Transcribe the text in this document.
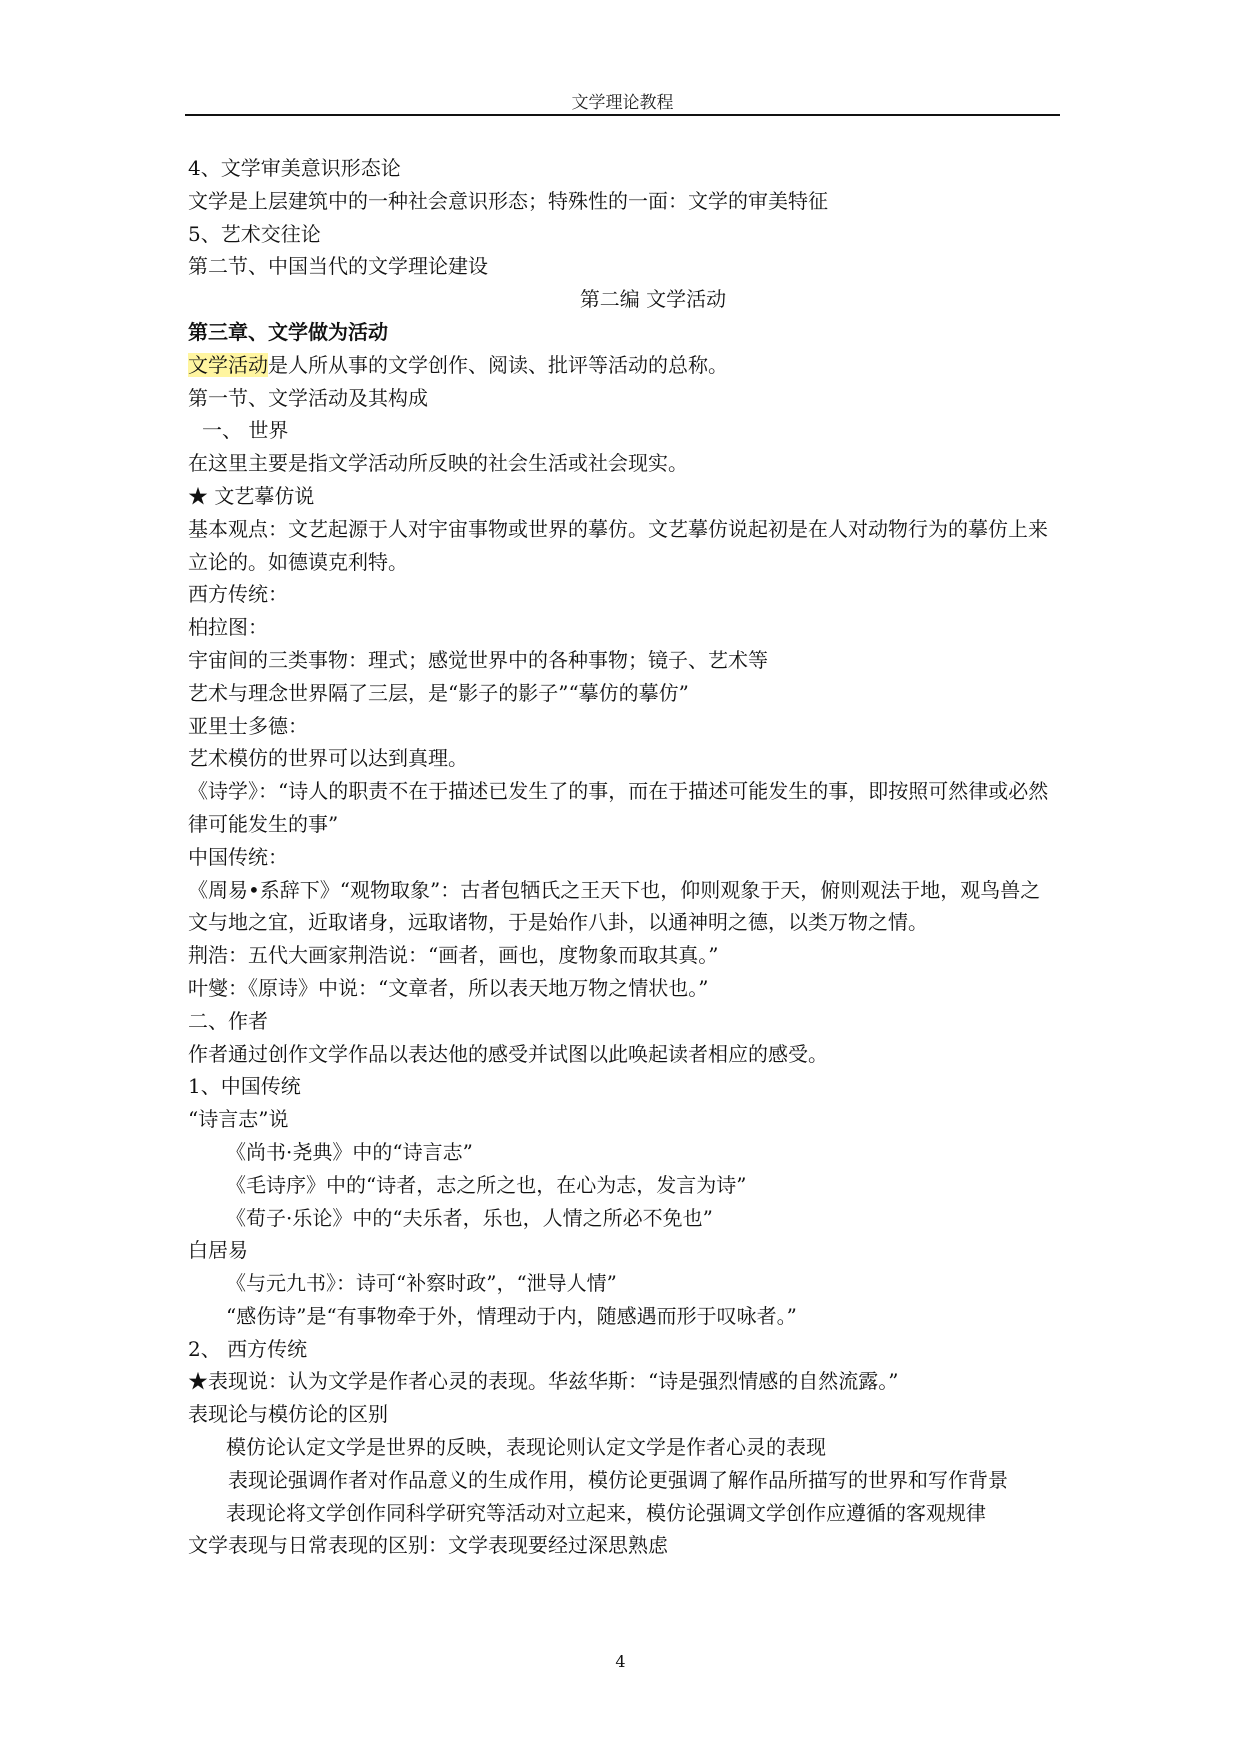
文学理论教程

4、文学审美意识形态论

文学是上层建筑中的一种社会意识形态；特殊性的一面：文学的审美特征

5、艺术交往论

第二节、中国当代的文学理论建设

第二编 文学活动

第三章、文学做为活动

文学活动是人所从事的文学创作、阅读、批评等活动的总称。

第一节、文学活动及其构成

一、 世界

在这里主要是指文学活动所反映的社会生活或社会现实。

★ 文艺摹仿说

基本观点：文艺起源于人对宇宙事物或世界的摹仿。文艺摹仿说起初是在人对动物行为的摹仿上来立论的。如德谟克利特。

西方传统：

柏拉图：

宇宙间的三类事物：理式；感觉世界中的各种事物；镜子、艺术等

艺术与理念世界隔了三层，是“影子的影子”“摹仿的摹仿”

亚里士多德：

艺术模仿的世界可以达到真理。

《诗学》：“诗人的职责不在于描述已发生了的事，而在于描述可能发生的事，即按照可然律或必然律可能发生的事”

中国传统：

《周易•系辞下》“观物取象”：古者包牺氏之王天下也，仰则观象于天，俯则观法于地，观鸟兽之文与地之宜，近取诸身，远取诸物，于是始作八卦，以通神明之德，以类万物之情。

荆浩：五代大画家荆浩说：“画者，画也，度物象而取其真。”

叶燮：《原诗》中说：“文章者，所以表天地万物之情状也。”

二、作者

作者通过创作文学作品以表达他的感受并试图以此唤起读者相应的感受。

1、中国传统

“诗言志”说

《尚书·尧典》中的“诗言志”

《毛诗序》中的“诗者，志之所之也，在心为志，发言为诗”

《荀子·乐论》中的“夫乐者，乐也，人情之所必不免也”

白居易

《与元九书》：诗可“补察时政”，“泄导人情”

“感伤诗”是“有事物牵于外，情理动于内，随感遇而形于叹咏者。”

2、 西方传统

★表现说：认为文学是作者心灵的表现。华兹华斯：“诗是强烈情感的自然流露。”

表现论与模仿论的区别

模仿论认定文学是世界的反映，表现论则认定文学是作者心灵的表现

表现论强调作者对作品意义的生成作用，模仿论更强调了解作品所描写的世界和写作背景

表现论将文学创作同科学研究等活动对立起来，模仿论强调文学创作应遵循的客观规律

文学表现与日常表现的区别：文学表现要经过深思熟虑

4
